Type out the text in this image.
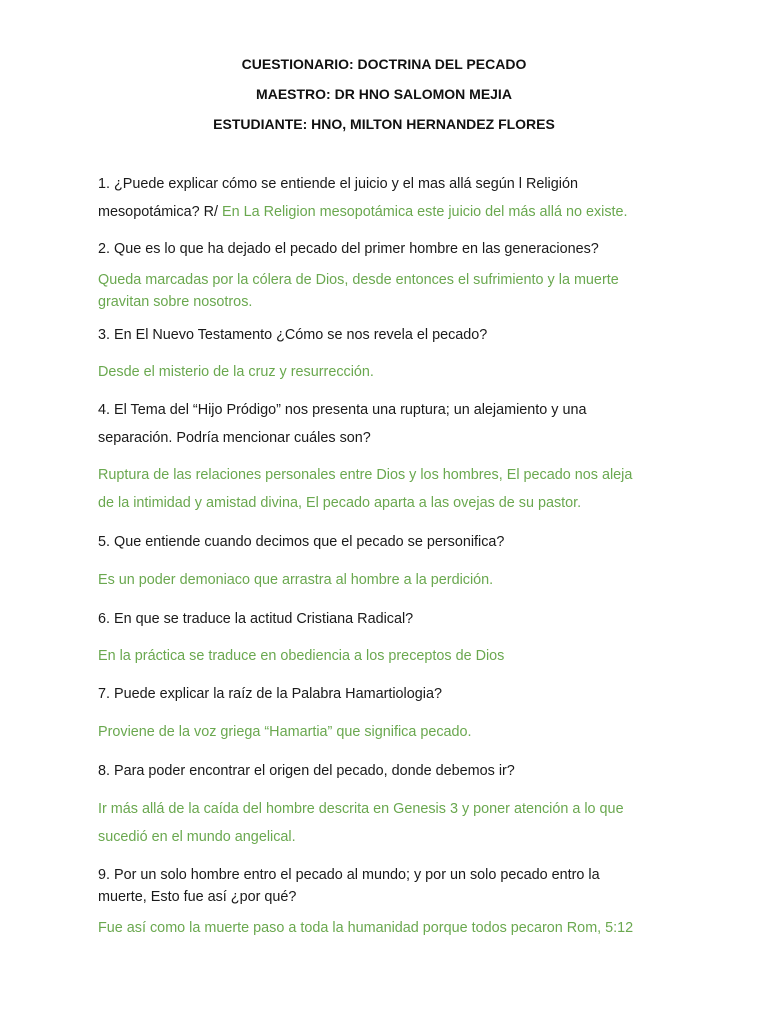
CUESTIONARIO: DOCTRINA DEL PECADO
MAESTRO: DR HNO SALOMON MEJIA
ESTUDIANTE: HNO, MILTON HERNANDEZ FLORES
1. ¿Puede explicar cómo se entiende el juicio y el mas allá según l Religión
mesopotámica? R/ En La Religion mesopotámica este juicio del más allá no existe.
2. Que es lo que ha dejado el pecado del primer hombre en las generaciones?
Queda marcadas por la cólera de Dios, desde entonces el sufrimiento y la muerte
gravitan sobre nosotros.
3. En El Nuevo Testamento ¿Cómo se nos revela el pecado?
Desde el misterio de la cruz y resurrección.
4. El Tema del “Hijo Pródigo” nos presenta una ruptura; un alejamiento y una
separación. Podría mencionar cuáles son?
Ruptura de las relaciones personales entre Dios y los hombres, El pecado nos aleja
de la intimidad y amistad divina, El pecado aparta a las ovejas de su pastor.
5. Que entiende cuando decimos que el pecado se personifica?
Es un poder demoniaco que arrastra al hombre a la perdición.
6. En que se traduce la actitud Cristiana Radical?
En la práctica se traduce en obediencia a los preceptos de Dios
7. Puede explicar la raíz de la Palabra Hamartiologia?
Proviene de la voz griega “Hamartia” que significa pecado.
8. Para poder encontrar el origen del pecado, donde debemos ir?
Ir más allá de la caída del hombre descrita en Genesis 3 y poner atención a lo que
sucedió en el mundo angelical.
9. Por un solo hombre entro el pecado al mundo; y por un solo pecado entro la
muerte, Esto fue así ¿por qué?
Fue así como la muerte paso a toda la humanidad porque todos pecaron Rom, 5:12
